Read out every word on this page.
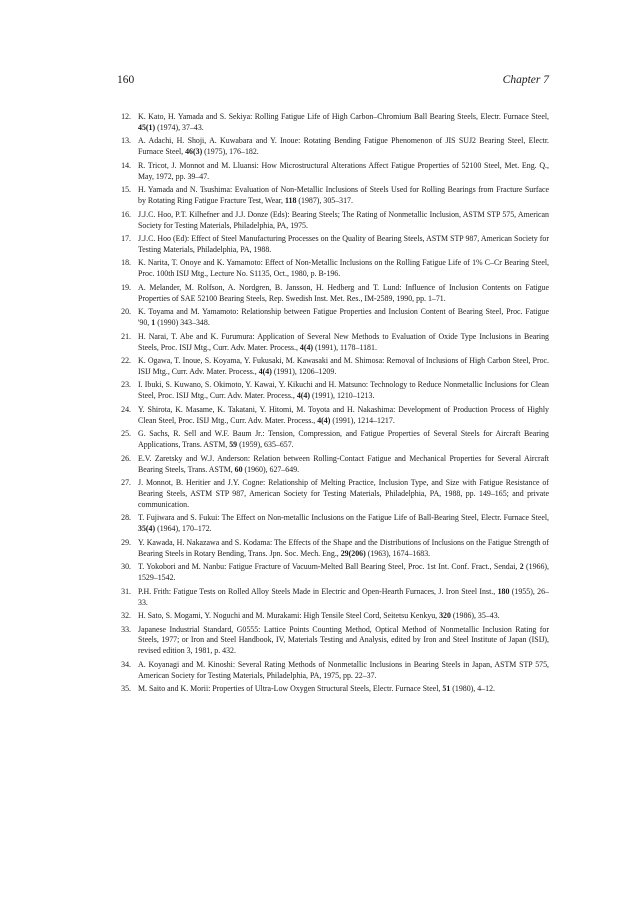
160	Chapter 7
12. K. Kato, H. Yamada and S. Sekiya: Rolling Fatigue Life of High Carbon–Chromium Ball Bearing Steels, Electr. Furnace Steel, 45(1) (1974), 37–43.
13. A. Adachi, H. Shoji, A. Kuwabara and Y. Inoue: Rotating Bending Fatigue Phenomenon of JIS SUJ2 Bearing Steel, Electr. Furnace Steel, 46(3) (1975), 176–182.
14. R. Tricot, J. Monnot and M. Lluansi: How Microstructural Alterations Affect Fatigue Properties of 52100 Steel, Met. Eng. Q., May, 1972, pp. 39–47.
15. H. Yamada and N. Tsushima: Evaluation of Non-Metallic Inclusions of Steels Used for Rolling Bearings from Fracture Surface by Rotating Ring Fatigue Fracture Test, Wear, 118 (1987), 305–317.
16. J.J.C. Hoo, P.T. Kilhefner and J.J. Donze (Eds): Bearing Steels; The Rating of Nonmetallic Inclusion, ASTM STP 575, American Society for Testing Materials, Philadelphia, PA, 1975.
17. J.J.C. Hoo (Ed): Effect of Steel Manufacturing Processes on the Quality of Bearing Steels, ASTM STP 987, American Society for Testing Materials, Philadelphia, PA, 1988.
18. K. Narita, T. Onoye and K. Yamamoto: Effect of Non-Metallic Inclusions on the Rolling Fatigue Life of 1% C–Cr Bearing Steel, Proc. 100th ISIJ Mtg., Lecture No. S1135, Oct., 1980, p. B-196.
19. A. Melander, M. Rolfson, A. Nordgren, B. Jansson, H. Hedberg and T. Lund: Influence of Inclusion Contents on Fatigue Properties of SAE 52100 Bearing Steels, Rep. Swedish Inst. Met. Res., IM-2589, 1990, pp. 1–71.
20. K. Toyama and M. Yamamoto: Relationship between Fatigue Properties and Inclusion Content of Bearing Steel, Proc. Fatigue '90, 1 (1990) 343–348.
21. H. Narai, T. Abe and K. Furumura: Application of Several New Methods to Evaluation of Oxide Type Inclusions in Bearing Steels, Proc. ISIJ Mtg., Curr. Adv. Mater. Process., 4(4) (1991), 1178–1181.
22. K. Ogawa, T. Inoue, S. Koyama, Y. Fukusaki, M. Kawasaki and M. Shimosa: Removal of Inclusions of High Carbon Steel, Proc. ISIJ Mtg., Curr. Adv. Mater. Process., 4(4) (1991), 1206–1209.
23. I. Ibuki, S. Kuwano, S. Okimoto, Y. Kawai, Y. Kikuchi and H. Matsuno: Technology to Reduce Nonmetallic Inclusions for Clean Steel, Proc. ISIJ Mtg., Curr. Adv. Mater. Process., 4(4) (1991), 1210–1213.
24. Y. Shirota, K. Masame, K. Takatani, Y. Hitomi, M. Toyota and H. Nakashima: Development of Production Process of Highly Clean Steel, Proc. ISIJ Mtg., Curr. Adv. Mater. Process., 4(4) (1991), 1214–1217.
25. G. Sachs, R. Sell and W.F. Baum Jr.: Tension, Compression, and Fatigue Properties of Several Steels for Aircraft Bearing Applications, Trans. ASTM, 59 (1959), 635–657.
26. E.V. Zaretsky and W.J. Anderson: Relation between Rolling-Contact Fatigue and Mechanical Properties for Several Aircraft Bearing Steels, Trans. ASTM, 60 (1960), 627–649.
27. J. Monnot, B. Heritier and J.Y. Cogne: Relationship of Melting Practice, Inclusion Type, and Size with Fatigue Resistance of Bearing Steels, ASTM STP 987, American Society for Testing Materials, Philadelphia, PA, 1988, pp. 149–165; and private communication.
28. T. Fujiwara and S. Fukui: The Effect on Non-metallic Inclusions on the Fatigue Life of Ball-Bearing Steel, Electr. Furnace Steel, 35(4) (1964), 170–172.
29. Y. Kawada, H. Nakazawa and S. Kodama: The Effects of the Shape and the Distributions of Inclusions on the Fatigue Strength of Bearing Steels in Rotary Bending, Trans. Jpn. Soc. Mech. Eng., 29(206) (1963), 1674–1683.
30. T. Yokobori and M. Nanbu: Fatigue Fracture of Vacuum-Melted Ball Bearing Steel, Proc. 1st Int. Conf. Fract., Sendai, 2 (1966), 1529–1542.
31. P.H. Frith: Fatigue Tests on Rolled Alloy Steels Made in Electric and Open-Hearth Furnaces, J. Iron Steel Inst., 180 (1955), 26–33.
32. H. Sato, S. Mogami, Y. Noguchi and M. Murakami: High Tensile Steel Cord, Seitetsu Kenkyu, 320 (1986), 35–43.
33. Japanese Industrial Standard, G0555: Lattice Points Counting Method, Optical Method of Nonmetallic Inclusion Rating for Steels, 1977; or Iron and Steel Handbook, IV, Materials Testing and Analysis, edited by Iron and Steel Institute of Japan (ISIJ), revised edition 3, 1981, p. 432.
34. A. Koyanagi and M. Kinoshi: Several Rating Methods of Nonmetallic Inclusions in Bearing Steels in Japan, ASTM STP 575, American Society for Testing Materials, Philadelphia, PA, 1975, pp. 22–37.
35. M. Saito and K. Morii: Properties of Ultra-Low Oxygen Structural Steels, Electr. Furnace Steel, 51 (1980), 4–12.
